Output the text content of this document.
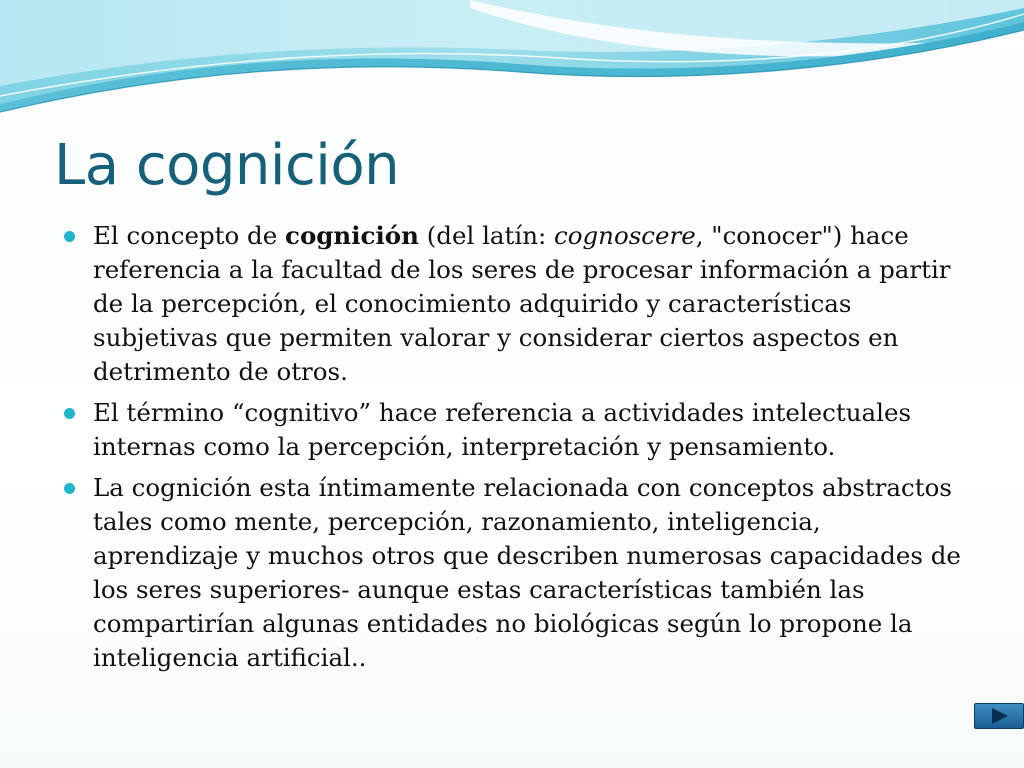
La cognición
El concepto de cognición (del latín: cognoscere, "conocer") hace referencia a la facultad de los seres de procesar información a partir de la percepción, el conocimiento adquirido y características subjetivas que permiten valorar y considerar ciertos aspectos en detrimento de otros.
El término “cognitivo” hace referencia a actividades intelectuales internas como la percepción, interpretación y pensamiento.
La cognición esta íntimamente relacionada con conceptos abstractos tales como mente, percepción, razonamiento, inteligencia, aprendizaje y muchos otros que describen numerosas capacidades de los seres superiores- aunque estas características también las compartirían algunas entidades no biológicas según lo propone la inteligencia artificial..
